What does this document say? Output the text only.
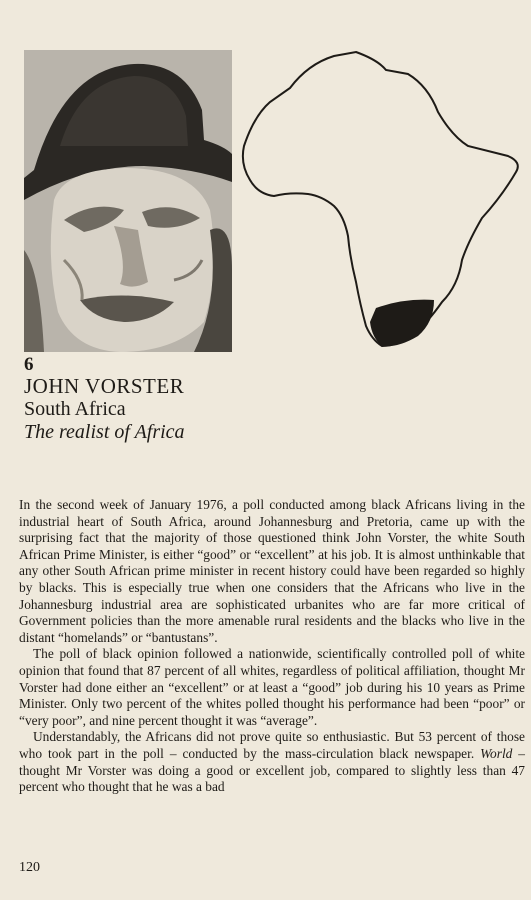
6
JOHN VORSTER
South Africa
The realist of Africa

In the second week of January 1976, a poll conducted among black Africans living in the industrial heart of South Africa, around Johannesburg and Pretoria, came up with the surprising fact that the majority of those questioned think John Vorster, the white South African Prime Minister, is either “good” or “excellent” at his job. It is almost unthinkable that any other South African prime minister in recent history could have been regarded so highly by blacks. This is especially true when one considers that the Africans who live in the Johannesburg industrial area are sophisticated urbanites who are far more critical of Government policies than the more amenable rural residents and the blacks who live in the distant “homelands” or “bantustans”.

The poll of black opinion followed a nationwide, scientifically controlled poll of white opinion that found that 87 percent of all whites, regardless of political affiliation, thought Mr Vorster had done either an “excellent” or at least a “good” job during his 10 years as Prime Minister. Only two percent of the whites polled thought his performance had been “poor” or “very poor”, and nine percent thought it was “average”.

Understandably, the Africans did not prove quite so enthusiastic. But 53 percent of those who took part in the poll – conducted by the mass-circulation black newspaper. World – thought Mr Vorster was doing a good or excellent job, compared to slightly less than 47 percent who thought that he was a bad

120
